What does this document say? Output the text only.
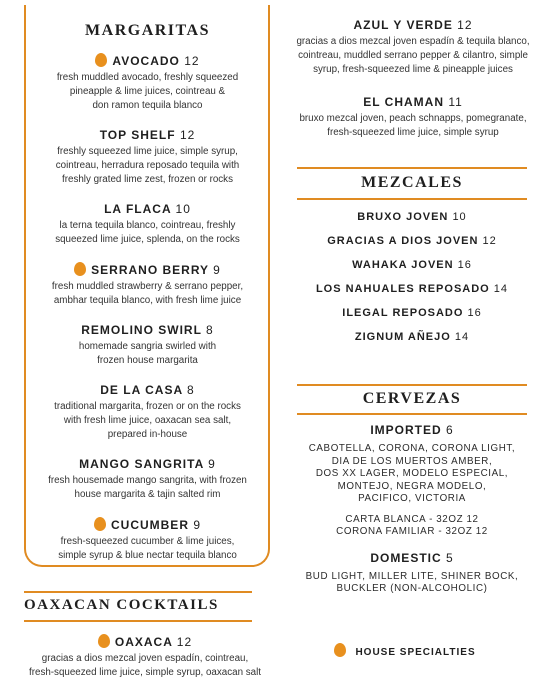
MARGARITAS
AVOCADO 12
fresh muddled avocado, freshly squeezed
pineapple & lime juices, cointreau &
don ramon tequila blanco
TOP SHELF 12
freshly squeezed lime juice, simple syrup,
cointreau, herradura reposado tequila with
freshly grated lime zest, frozen or rocks
LA FLACA 10
la terna tequila blanco, cointreau, freshly
squeezed lime juice, splenda, on the rocks
SERRANO BERRY 9
fresh muddled strawberry & serrano pepper,
ambhar tequila blanco, with fresh lime juice
REMOLINO SWIRL 8
homemade sangria swirled with
frozen house margarita
DE LA CASA 8
traditional margarita, frozen or on the rocks
with fresh lime juice, oaxacan sea salt,
prepared in-house
MANGO SANGRITA 9
fresh housemade mango sangrita, with frozen
house margarita & tajin salted rim
CUCUMBER 9
fresh-squeezed cucumber & lime juices,
simple syrup & blue nectar tequila blanco
OAXACAN COCKTAILS
OAXACA 12
gracias a dios mezcal joven espadín, cointreau,
fresh-squeezed lime juice, simple syrup, oaxacan salt
AZUL Y VERDE 12
gracias a dios mezcal joven espadín & tequila blanco,
cointreau, muddled serrano pepper & cilantro, simple
syrup, fresh-squeezed lime & pineapple juices
EL CHAMAN 11
bruxo mezcal joven, peach schnapps, pomegranate,
fresh-squeezed lime juice, simple syrup
MEZCALES
BRUXO JOVEN 10
GRACIAS A DIOS JOVEN 12
WAHAKA JOVEN 16
LOS NAHUALES REPOSADO 14
ILEGAL REPOSADO 16
ZIGNUM AÑEJO 14
CERVEZAS
IMPORTED 6
CABOTELLA, CORONA, CORONA LIGHT,
DIA DE LOS MUERTOS AMBER,
DOS XX LAGER, MODELO ESPECIAL,
MONTEJO, NEGRA MODELO,
PACIFICO, VICTORIA
CARTA BLANCA - 32OZ 12
CORONA FAMILIAR - 32OZ 12
DOMESTIC 5
BUD LIGHT, MILLER LITE, SHINER BOCK,
BUCKLER (NON-ALCOHOLIC)
HOUSE SPECIALTIES
